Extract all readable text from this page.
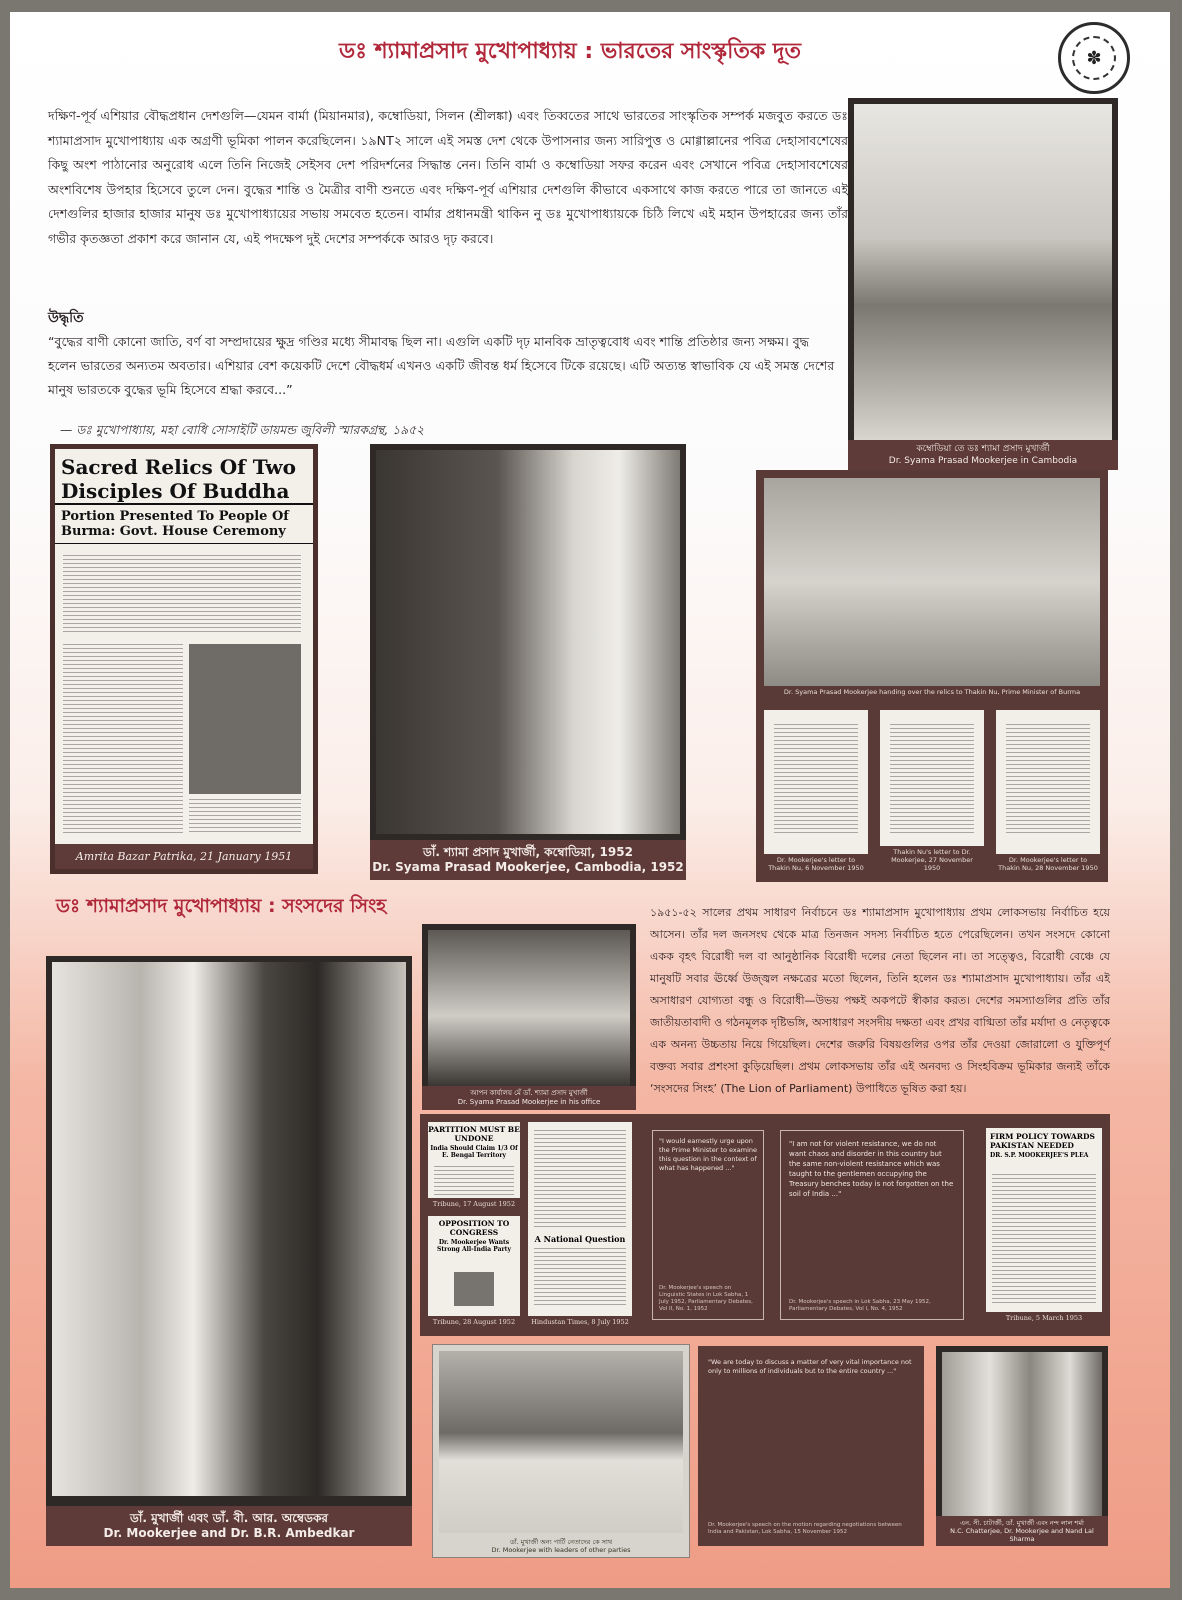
ডঃ শ্যামাপ্রসাদ মুখোপাধ্যায় : ভারতের সাংস্কৃতিক দূত	✽
দক্ষিণ-পূর্ব এশিয়ার বৌদ্ধপ্রধান দেশগুলি—যেমন বার্মা (মিয়ানমার), কম্বোডিয়া, সিলন (শ্রীলঙ্কা) এবং তিব্বতের সাথে ভারতের সাংস্কৃতিক সম্পর্ক মজবুত করতে ডঃ শ্যামাপ্রসাদ মুখোপাধ্যায় এক অগ্রণী ভূমিকা পালন করেছিলেন। ১৯NT২ সালে এই সমস্ত দেশ থেকে উপাসনার জন্য সারিপুত্ত ও মোগ্গাল্লানের পবিত্র দেহাসাবশেষের কিছু অংশ পাঠানোর অনুরোধ এলে তিনি নিজেই সেইসব দেশ পরিদর্শনের সিদ্ধান্ত নেন। তিনি বার্মা ও কম্বোডিয়া সফর করেন এবং সেখানে পবিত্র দেহাসাবশেষের অংশবিশেষ উপহার হিসেবে তুলে দেন। বুদ্ধের শান্তি ও মৈত্রীর বাণী শুনতে এবং দক্ষিণ-পূর্ব এশিয়ার দেশগুলি কীভাবে একসাথে কাজ করতে পারে তা জানতে এই দেশগুলির হাজার হাজার মানুষ ডঃ মুখোপাধ্যায়ের সভায় সমবেত হতেন। বার্মার প্রধানমন্ত্রী থাকিন নু ডঃ মুখোপাধ্যায়কে চিঠি লিখে এই মহান উপহারের জন্য তাঁর গভীর কৃতজ্ঞতা প্রকাশ করে জানান যে, এই পদক্ষেপ দুই দেশের সম্পর্ককে আরও দৃঢ় করবে।
উদ্ধৃতি
“বুদ্ধের বাণী কোনো জাতি, বর্ণ বা সম্প্রদায়ের ক্ষুদ্র গণ্ডির মধ্যে সীমাবদ্ধ ছিল না। এগুলি একটি দৃঢ় মানবিক ভ্রাতৃত্ববোধ এবং শান্তি প্রতিষ্ঠার জন্য সক্ষম। বুদ্ধ হলেন ভারতের অন্যতম অবতার। এশিয়ার বেশ কয়েকটি দেশে বৌদ্ধধর্ম এখনও একটি জীবন্ত ধর্ম হিসেবে টিকে রয়েছে। এটি অত্যন্ত স্বাভাবিক যে এই সমস্ত দেশের মানুষ ভারতকে বুদ্ধের ভূমি হিসেবে শ্রদ্ধা করবে...”
— ডঃ মুখোপাধ্যায়, মহা বোধি সোসাইটি ডায়মন্ড জুবিলী স্মারকগ্রন্থ, ১৯৫২
কম্বোডিয়া তে ডঃ শ্যামা প্রসাদ মুখার্জী
Dr. Syama Prasad Mookerjee in Cambodia
Sacred Relics Of Two
Disciples Of Buddha
Portion Presented To People Of
Burma: Govt. House Ceremony
Amrita Bazar Patrika, 21 January 1951	ডাঁ. শ্যামা প্রসাদ মুখার্জী, কম্বোডিয়া, 1952
Dr. Syama Prasad Mookerjee, Cambodia, 1952
Dr. Syama Prasad Mookerjee handing over the relics to Thakin Nu, Prime Minister of Burma
Dr. Mookerjee's letter to Thakin Nu, 6 November 1950
Thakin Nu's letter to Dr. Mookerjee, 27 November 1950
Dr. Mookerjee's letter to Thakin Nu, 28 November 1950
ডঃ শ্যামাপ্রসাদ মুখোপাধ্যায় : সংসদের সিংহ	১৯৫১-৫২ সালের প্রথম সাধারণ নির্বাচনে ডঃ শ্যামাপ্রসাদ মুখোপাধ্যায় প্রথম লোকসভায় নির্বাচিত হয়ে আসেন। তাঁর দল জনসংঘ থেকে মাত্র তিনজন সদস্য নির্বাচিত হতে পেরেছিলেন। তখন সংসদে কোনো একক বৃহৎ বিরোধী দল বা আনুষ্ঠানিক বিরোধী দলের নেতা ছিলেন না। তা সত্ত্বেও, বিরোধী বেঞ্চে যে মানুষটি সবার ঊর্ধ্বে উজ্জ্বল নক্ষত্রের মতো ছিলেন, তিনি হলেন ডঃ শ্যামাপ্রসাদ মুখোপাধ্যায়। তাঁর এই অসাধারণ যোগ্যতা বন্ধু ও বিরোধী—উভয় পক্ষই অকপটে স্বীকার করত। দেশের সমস্যাগুলির প্রতি তাঁর জাতীয়তাবাদী ও গঠনমূলক দৃষ্টিভঙ্গি, অসাধারণ সংসদীয় দক্ষতা এবং প্রখর বাগ্মিতা তাঁর মর্যাদা ও নেতৃত্বকে এক অনন্য উচ্চতায় নিয়ে গিয়েছিল। দেশের জরুরি বিষয়গুলির ওপর তাঁর দেওয়া জোরালো ও যুক্তিপূর্ণ বক্তব্য সবার প্রশংসা কুড়িয়েছিল। প্রথম লোকসভায় তাঁর এই অনবদ্য ও সিংহবিক্রম ভূমিকার জন্যই তাঁকে ‘সংসদের সিংহ’ (The Lion of Parliament) উপাধিতে ভূষিত করা হয়।
ডাঁ. মুখার্জী এবং ডাঁ. বী. আর. অম্বেডকর
Dr. Mookerjee and Dr. B.R. Ambedkar
আপন কার্যালয় মেঁ ডাঁ. শ্যামা প্রসাদ মুখার্জী
Dr. Syama Prasad Mookerjee in his office
PARTITION MUST BE
UNDONE
India Should Claim 1/3 Of E. Bengal Territory
Tribune, 17 August 1952
OPPOSITION TO
CONGRESS
Dr. Mookerjee Wants Strong All-India Party
Tribune, 28 August 1952
A National Question
Hindustan Times, 8 July 1952
"I would earnestly urge upon the Prime Minister to examine this question in the context of what has happened ..."
Dr. Mookerjee's speech on Linguistic States in Lok Sabha, 1 July 1952, Parliamentary Debates, Vol II, No. 1, 1952
"I am not for violent resistance, we do not want chaos and disorder in this country but the same non-violent resistance which was taught to the gentlemen occupying the Treasury benches today is not forgotten on the soil of India ..."
Dr. Mookerjee's speech in Lok Sabha, 23 May 1952, Parliamentary Debates, Vol I, No. 4, 1952
FIRM POLICY TOWARDS
PAKISTAN NEEDED
DR. S.P. MOOKERJEE'S PLEA
Tribune, 5 March 1953
ডাঁ. মুখার্জী অন্য পার্টি নেতাদের কে সাথ
Dr. Mookerjee with leaders of other parties
"We are today to discuss a matter of very vital importance not only to millions of individuals but to the entire country ..."
Dr. Mookerjee's speech on the motion regarding negotiations between India and Pakistan, Lok Sabha, 15 November 1952
এন. সী. চাটার্জী, ডাঁ. মুখার্জী এবং নন্দ লাল শর্মা
N.C. Chatterjee, Dr. Mookerjee and Nand Lal Sharma
